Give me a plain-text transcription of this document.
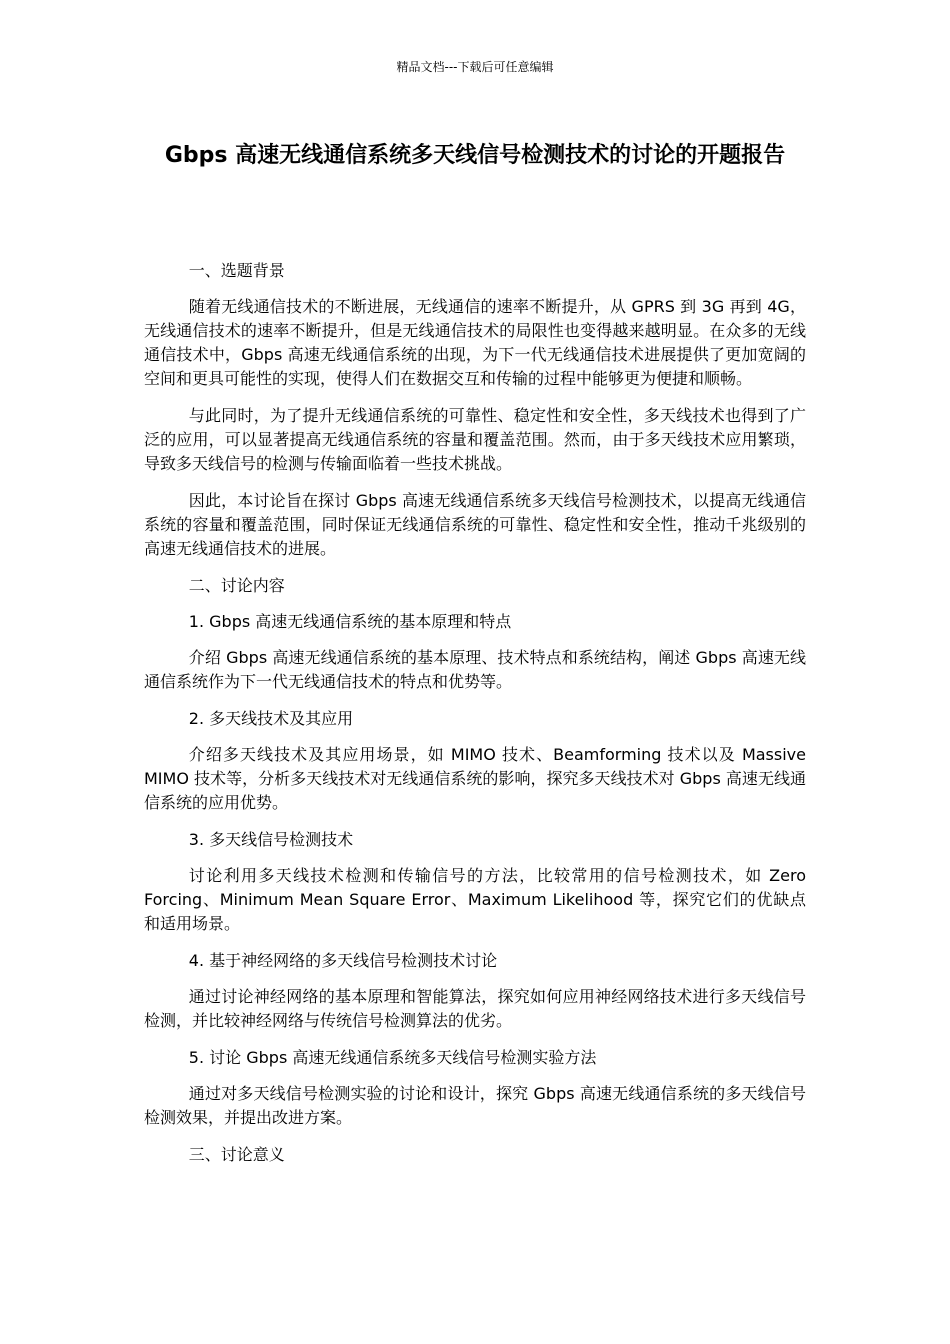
精品文档---下载后可任意编辑
Gbps 高速无线通信系统多天线信号检测技术的讨论的开题报告

一、选题背景

随着无线通信技术的不断进展，无线通信的速率不断提升，从 GPRS 到 3G 再到 4G，无线通信技术的速率不断提升，但是无线通信技术的局限性也变得越来越明显。在众多的无线通信技术中，Gbps 高速无线通信系统的出现，为下一代无线通信技术进展提供了更加宽阔的空间和更具可能性的实现，使得人们在数据交互和传输的过程中能够更为便捷和顺畅。

与此同时，为了提升无线通信系统的可靠性、稳定性和安全性，多天线技术也得到了广泛的应用，可以显著提高无线通信系统的容量和覆盖范围。然而，由于多天线技术应用繁琐，导致多天线信号的检测与传输面临着一些技术挑战。

因此，本讨论旨在探讨 Gbps 高速无线通信系统多天线信号检测技术，以提高无线通信系统的容量和覆盖范围，同时保证无线通信系统的可靠性、稳定性和安全性，推动千兆级别的高速无线通信技术的进展。

二、讨论内容

1. Gbps 高速无线通信系统的基本原理和特点

介绍 Gbps 高速无线通信系统的基本原理、技术特点和系统结构，阐述 Gbps 高速无线通信系统作为下一代无线通信技术的特点和优势等。

2. 多天线技术及其应用

介绍多天线技术及其应用场景，如 MIMO 技术、Beamforming 技术以及 Massive MIMO 技术等，分析多天线技术对无线通信系统的影响，探究多天线技术对 Gbps 高速无线通信系统的应用优势。

3. 多天线信号检测技术

讨论利用多天线技术检测和传输信号的方法，比较常用的信号检测技术，如 Zero Forcing、Minimum Mean Square Error、Maximum Likelihood 等，探究它们的优缺点和适用场景。

4. 基于神经网络的多天线信号检测技术讨论

通过讨论神经网络的基本原理和智能算法，探究如何应用神经网络技术进行多天线信号检测，并比较神经网络与传统信号检测算法的优劣。

5. 讨论 Gbps 高速无线通信系统多天线信号检测实验方法

通过对多天线信号检测实验的讨论和设计，探究 Gbps 高速无线通信系统的多天线信号检测效果，并提出改进方案。

三、讨论意义
